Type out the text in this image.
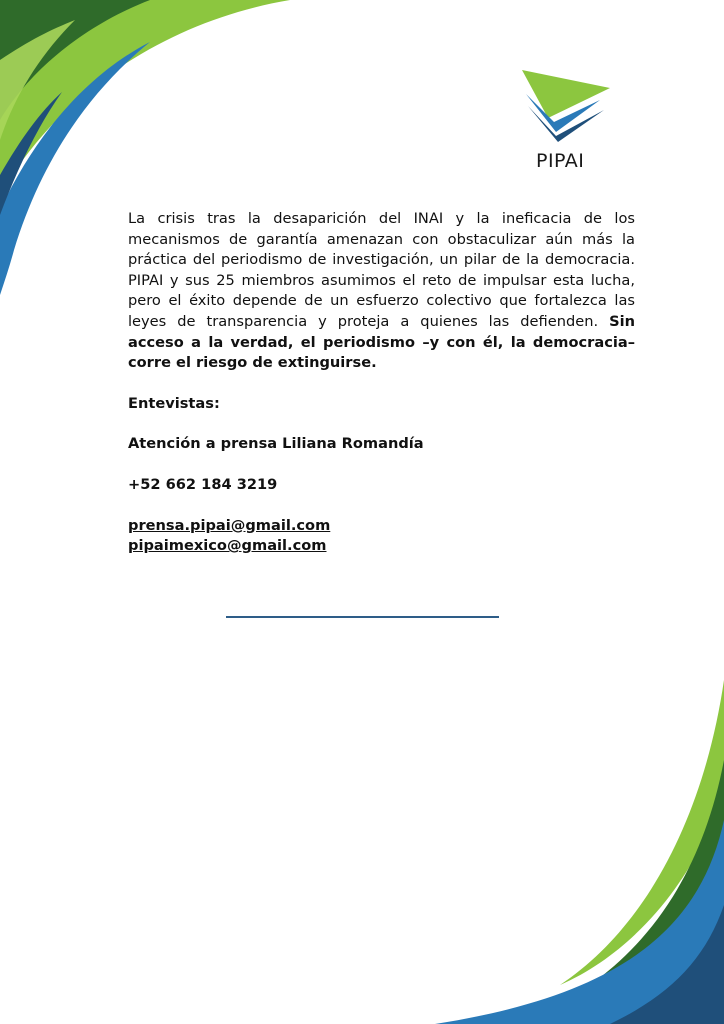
PIPAI

La crisis tras la desaparición del INAI y la ineficacia de los mecanismos de garantía amenazan con obstaculizar aún más la práctica del periodismo de investigación, un pilar de la democracia. PIPAI y sus 25 miembros asumimos el reto de impulsar esta lucha, pero el éxito depende de un esfuerzo colectivo que fortalezca las leyes de transparencia y proteja a quienes las defienden. Sin acceso a la verdad, el periodismo –y con él, la democracia– corre el riesgo de extinguirse.

Entevistas:

Atención a prensa Liliana Romandía

+52 662 184 3219

prensa.pipai@gmail.com
pipaimexico@gmail.com
